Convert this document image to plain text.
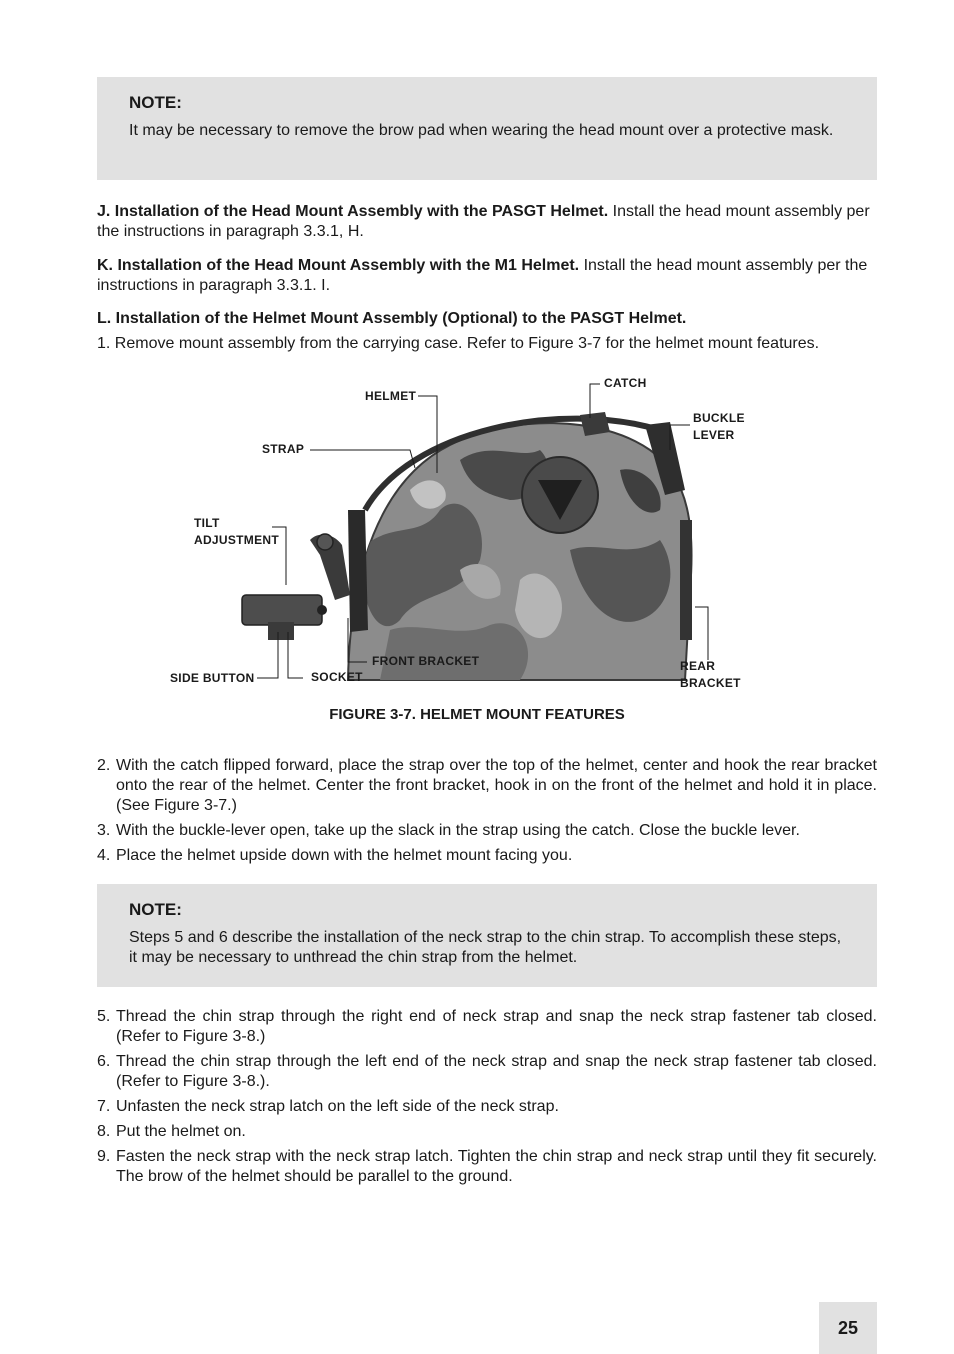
NOTE:

It may be necessary to remove the brow pad when wearing the head mount over a protective mask.

J. Installation of the Head Mount Assembly with the PASGT Helmet. Install the head mount assembly per the instructions in paragraph 3.3.1, H.

K. Installation of the Head Mount Assembly with the M1 Helmet. Install the head mount assembly per the instructions in paragraph 3.3.1. I.

L. Installation of the Helmet Mount Assembly (Optional) to the PASGT Helmet.

1. Remove mount assembly from the carrying case. Refer to Figure 3-7 for the helmet mount features.

HELMET
CATCH
BUCKLE
LEVER
STRAP
TILT
ADJUSTMENT
SIDE BUTTON	SOCKET
FRONT BRACKET	REAR
BRACKET
FIGURE 3-7. HELMET MOUNT FEATURES
2. With the catch flipped forward, place the strap over the top of the helmet, center and hook the rear bracket onto the rear of the helmet. Center the front bracket, hook in on the front of the helmet and hold it in place. (See Figure 3-7.)
3. With the buckle-lever open, take up the slack in the strap using the catch. Close the buckle lever.
4. Place the helmet upside down with the helmet mount facing you.
NOTE:

Steps 5 and 6 describe the installation of the neck strap to the chin strap. To accomplish these steps, it may be necessary to unthread the chin strap from the helmet.

5. Thread the chin strap through the right end of neck strap and snap the neck strap fastener tab closed. (Refer to Figure 3-8.)
6. Thread the chin strap through the left end of the neck strap and snap the neck strap fastener tab closed. (Refer to Figure 3-8.).
7. Unfasten the neck strap latch on the left side of the neck strap.
8. Put the helmet on.
9. Fasten the neck strap with the neck strap latch. Tighten the chin strap and neck strap until they fit securely. The brow of the helmet should be parallel to the ground.
25
